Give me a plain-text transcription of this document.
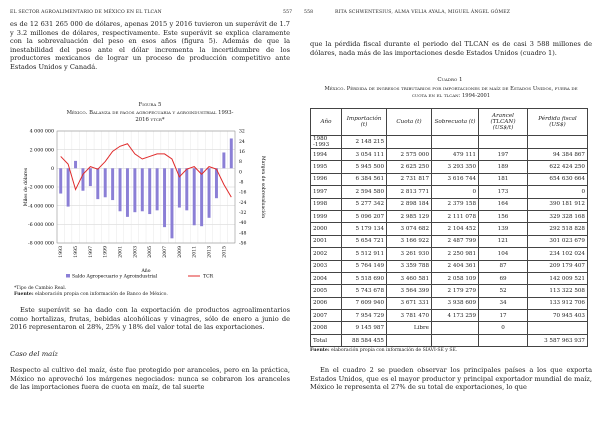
EL SECTOR AGROALIMENTARIO DE MÉXICO EN EL TLCAN	557

es de 12 631 265 000 de dólares, apenas 2015 y 2016 tuvieron un superávit de 1.7 y 3.2 millones de dólares, respectivamente. Este superávit se explica claramente con la sobrevaluación del peso en esos años (figura 5). Además de que la inestabilidad del peso ante el dólar incrementa la incertidumbre de los productores mexicanos de lograr un proceso de producción competitivo ante Estados Unidos y Canadá.

Figura 5

México. Balanza de pagos agropecuaria y agroindustrial 1993-2016 ytcr*

4 000 000
2 000 000
0
-2 000 000
-4 000 000
-6 000 000
-8 000 000
32
24
16
8
0
-8
-16
-24
-32
-40
-48
-56
1993 1995 1997 1999 2001 2003 2005 2007 2009 2011 2013 2015
Miles de dólares	Margen de sobrevaluación
Año
Saldo Agropecuario y Agroindustrial	TCR

*Tipo de Cambio Real.

Fuente: elaboración propia con información de Banco de México.

Este superávit se ha dado con la exportación de productos agroalimentarios como hortalizas, frutas, bebidas alcohólicas y vinagres, sólo de enero a junio de 2016 representaron el 28%, 25% y 18% del valor total de las exportaciones.

Caso del maíz

Respecto al cultivo del maíz, éste fue protegido por aranceles, pero en la práctica, México no aprovechó los márgenes negociados: nunca se cobraron los aranceles de las importaciones fuera de cuota en maíz, de tal suerte

558	RITA SCHWENTESIUS, ALMA VELIA AYALA, MIGUEL ÁNGEL GÓMEZ

que la pérdida fiscal durante el periodo del TLCAN es de casi 3 588 millones de dólares, nada más de las importaciones desde Estados Unidos (cuadro 1).

Cuadro 1

México. Pérdida de ingresos tributarios por importaciones de maíz de Estados Unidos, fuera de cuota en el tlcan: 1994-2001

Año	Importación (t)	Cuota (t)	Sobrecuota (t)	Arancel (TLCAN) (US$/t)	Pérdida fiscal (US$)
1980 -1993	2 148 215				
1994	3 054 111	2 575 000	479 111	197	94 384 867
1995	5 945 500	2 625 250	3 293 350	189	622 424 250
1996	6 384 561	2 731 817	3 616 744	181	654 630 664
1997	2 594 580	2 813 771	0	173	0
1998	5 277 342	2 898 184	2 379 158	164	390 181 912
1999	5 096 207	2 985 129	2 111 078	156	329 328 168
2000	5 179 134	3 074 682	2 104 452	139	292 518 828
2001	5 654 721	3 166 922	2 487 799	121	301 023 679
2002	5 512 911	3 261 930	2 250 981	104	234 102 024
2003	5 764 149	3 359 788	2 404 361	87	209 179 407
2004	5 518 690	3 460 581	2 058 109	69	142 009 521
2005	5 743 678	3 564 399	2 179 279	52	113 322 508
2006	7 609 940	3 671 331	3 938 609	34	133 912 706
2007	7 954 729	3 781 470	4 173 259	17	70 945 403
2008	9 145 987	Libre		0	
Total	88 584 455				3 587 963 937

Fuente: elaboración propia con información de SIAVI-SE y SE.

En el cuadro 2 se pueden observar los principales países a los que exporta Estados Unidos, que es el mayor productor y principal exportador mundial de maíz, México le representa el 27% de su total de exportaciones, lo que
